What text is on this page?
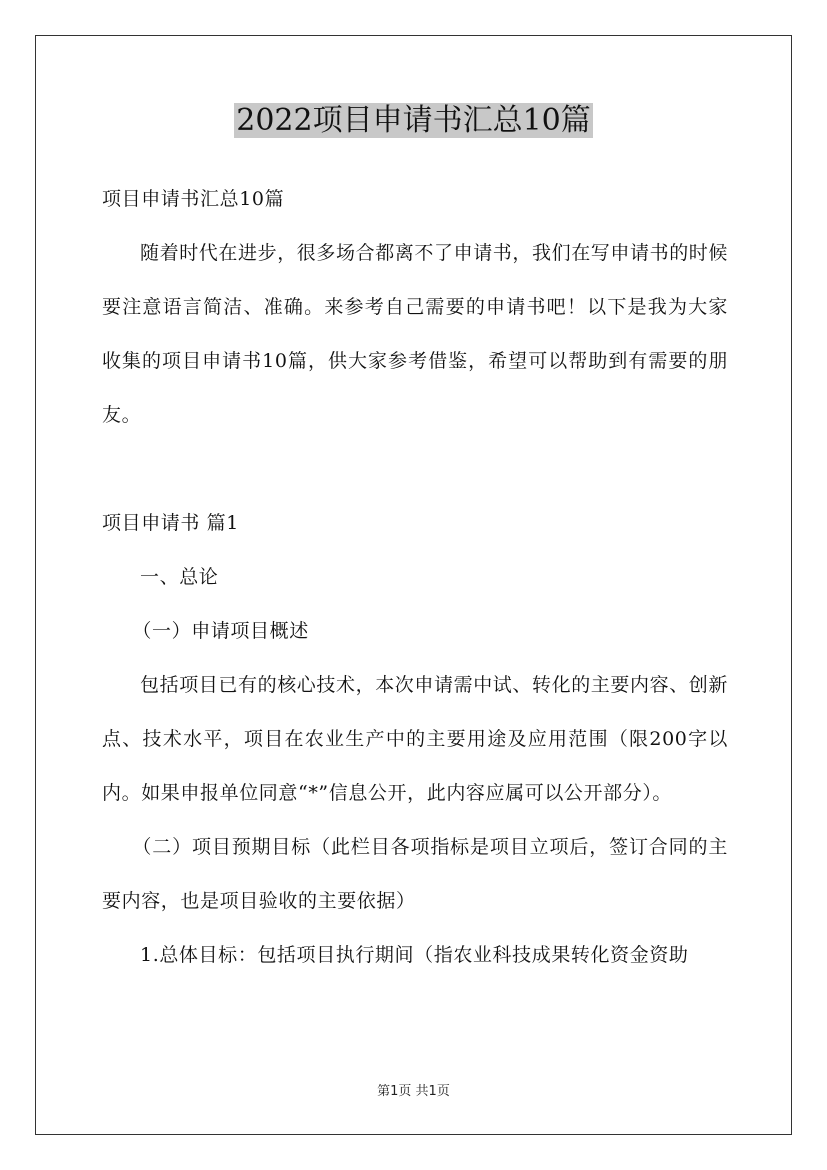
2022项目申请书汇总10篇

项目申请书汇总10篇

随着时代在进步，很多场合都离不了申请书，我们在写申请书的时候要注意语言简洁、准确。来参考自己需要的申请书吧！以下是我为大家收集的项目申请书10篇，供大家参考借鉴，希望可以帮助到有需要的朋友。

项目申请书 篇1

一、总论

（一）申请项目概述

包括项目已有的核心技术，本次申请需中试、转化的主要内容、创新点、技术水平，项目在农业生产中的主要用途及应用范围（限200字以内。如果申报单位同意“*”信息公开，此内容应属可以公开部分）。

（二）项目预期目标（此栏目各项指标是项目立项后，签订合同的主要内容，也是项目验收的主要依据）

1.总体目标：包括项目执行期间（指农业科技成果转化资金资助

第1页 共1页
